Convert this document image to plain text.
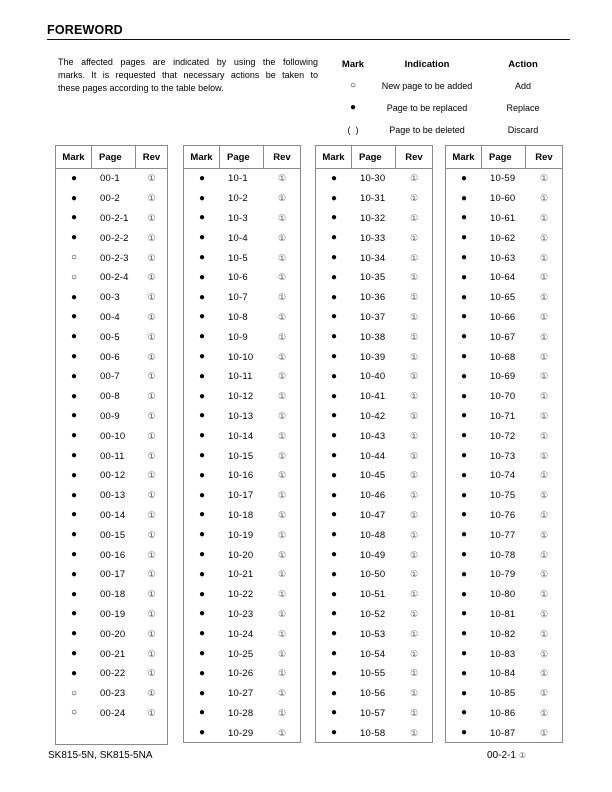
FOREWORD
The affected pages are indicated by using the following
marks. It is requested that necessary actions be taken to
these pages according to the table below.
Mark	Indication	Action
○	New page to be added	Add
●	Page to be replaced	Replace
(  )	Page to be deleted	Discard
Mark	Page	Rev
●	00-1	①
●	00-2	①
●	00-2-1	①
●	00-2-2	①
○	00-2-3	①
○	00-2-4	①
●	00-3	①
●	00-4	①
●	00-5	①
●	00-6	①
●	00-7	①
●	00-8	①
●	00-9	①
●	00-10	①
●	00-11	①
●	00-12	①
●	00-13	①
●	00-14	①
●	00-15	①
●	00-16	①
●	00-17	①
●	00-18	①
●	00-19	①
●	00-20	①
●	00-21	①
●	00-22	①
○	00-23	①
○	00-24	①
Mark	Page	Rev
●	10-1	①
●	10-2	①
●	10-3	①
●	10-4	①
●	10-5	①
●	10-6	①
●	10-7	①
●	10-8	①
●	10-9	①
●	10-10	①
●	10-11	①
●	10-12	①
●	10-13	①
●	10-14	①
●	10-15	①
●	10-16	①
●	10-17	①
●	10-18	①
●	10-19	①
●	10-20	①
●	10-21	①
●	10-22	①
●	10-23	①
●	10-24	①
●	10-25	①
●	10-26	①
●	10-27	①
●	10-28	①
●	10-29	①
Mark	Page	Rev
●	10-30	①
●	10-31	①
●	10-32	①
●	10-33	①
●	10-34	①
●	10-35	①
●	10-36	①
●	10-37	①
●	10-38	①
●	10-39	①
●	10-40	①
●	10-41	①
●	10-42	①
●	10-43	①
●	10-44	①
●	10-45	①
●	10-46	①
●	10-47	①
●	10-48	①
●	10-49	①
●	10-50	①
●	10-51	①
●	10-52	①
●	10-53	①
●	10-54	①
●	10-55	①
●	10-56	①
●	10-57	①
●	10-58	①
Mark	Page	Rev
●	10-59	①
●	10-60	①
●	10-61	①
●	10-62	①
●	10-63	①
●	10-64	①
●	10-65	①
●	10-66	①
●	10-67	①
●	10-68	①
●	10-69	①
●	10-70	①
●	10-71	①
●	10-72	①
●	10-73	①
●	10-74	①
●	10-75	①
●	10-76	①
●	10-77	①
●	10-78	①
●	10-79	①
●	10-80	①
●	10-81	①
●	10-82	①
●	10-83	①
●	10-84	①
●	10-85	①
●	10-86	①
●	10-87	①
SK815-5N, SK815-5NA	00-2-1 ①
